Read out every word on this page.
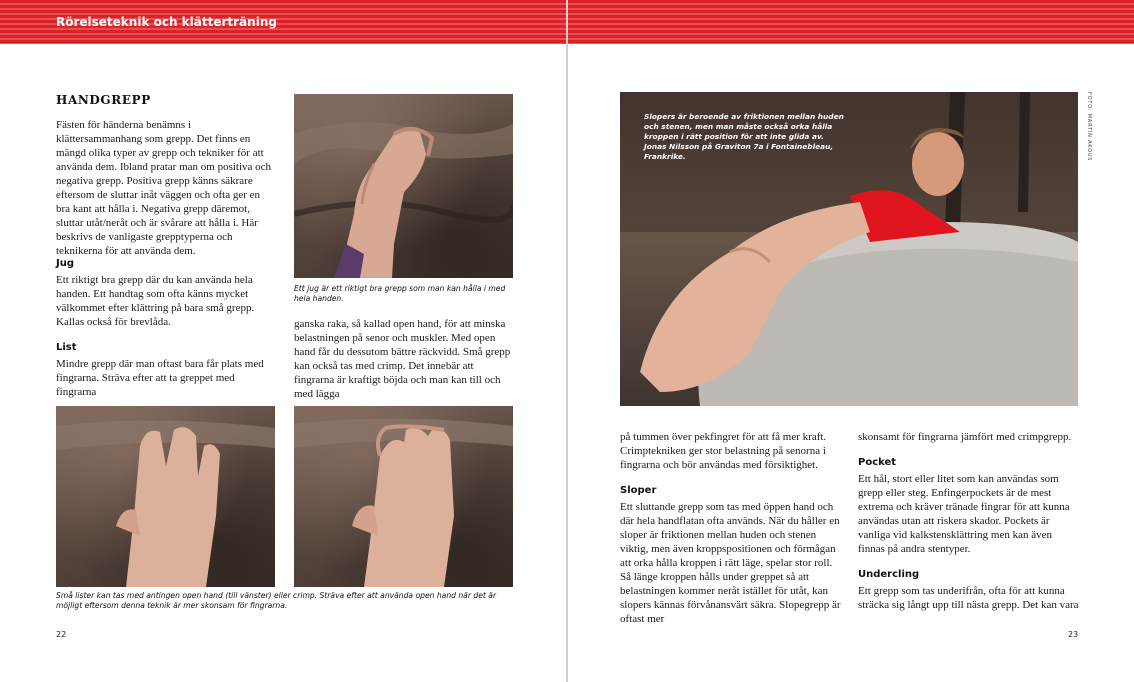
Rörelseteknik och klätterträning
HANDGREPP

Fästen för händerna benämns i klättersammanhang som grepp. Det finns en mängd olika typer av grepp och tekniker för att använda dem. Ibland pratar man om positiva och negativa grepp. Positiva grepp känns säkrare eftersom de sluttar inåt väggen och ofta ger en bra kant att hålla i. Negativa grepp däremot, sluttar utåt/neråt och är svårare att hålla i. Här beskrivs de vanligaste grepptyperna och teknikerna för att använda dem.

Jug

Ett riktigt bra grepp där du kan använda hela handen. Ett handtag som ofta känns mycket välkommet efter klättring på bara små grepp. Kallas också för brevlåda.

List

Mindre grepp där man oftast bara får plats med fingrarna. Sträva efter att ta greppet med fingrarna

Ett jug är ett riktigt bra grepp som man kan hålla i med hela handen.

ganska raka, så kallad open hand, för att minska belastningen på senor och muskler. Med open hand får du dessutom bättre räckvidd. Små grepp kan också tas med crimp. Det innebär att fingrarna är kraftigt böjda och man kan till och med lägga

Små lister kan tas med antingen open hand (till vänster) eller crimp. Sträva efter att använda open hand när det är möjligt eftersom denna teknik är mer skonsam för fingrarna.

22

Slopers är beroende av friktionen mellan huden och stenen, men man måste också orka hålla kroppen i rätt position för att inte glida av. Jonas Nilsson på Graviton 7a i Fontainebleau, Frankrike.	FOTO: MARTIN AKOUS

på tummen över pekfingret för att få mer kraft. Crimptekniken ger stor belastning på senorna i fingrarna och bör användas med försiktighet.

Sloper

Ett sluttande grepp som tas med öppen hand och där hela handflatan ofta används. När du håller en sloper är friktionen mellan huden och stenen viktig, men även kroppspositionen och förmågan att orka hålla kroppen i rätt läge, spelar stor roll. Så länge kroppen hålls under greppet så att belastningen kommer neråt istället för utåt, kan slopers kännas förvånansvärt säkra. Slopegrepp är oftast mer

skonsamt för fingrarna jämfört med crimpgrepp.

Pocket

Ett hål, stort eller litet som kan användas som grepp eller steg. Enfingerpockets är de mest extrema och kräver tränade fingrar för att kunna användas utan att riskera skador. Pockets är vanliga vid kalkstensklättring men kan även finnas på andra stentyper.

Undercling

Ett grepp som tas underifrån, ofta för att kunna sträcka sig långt upp till nästa grepp. Det kan vara

23
